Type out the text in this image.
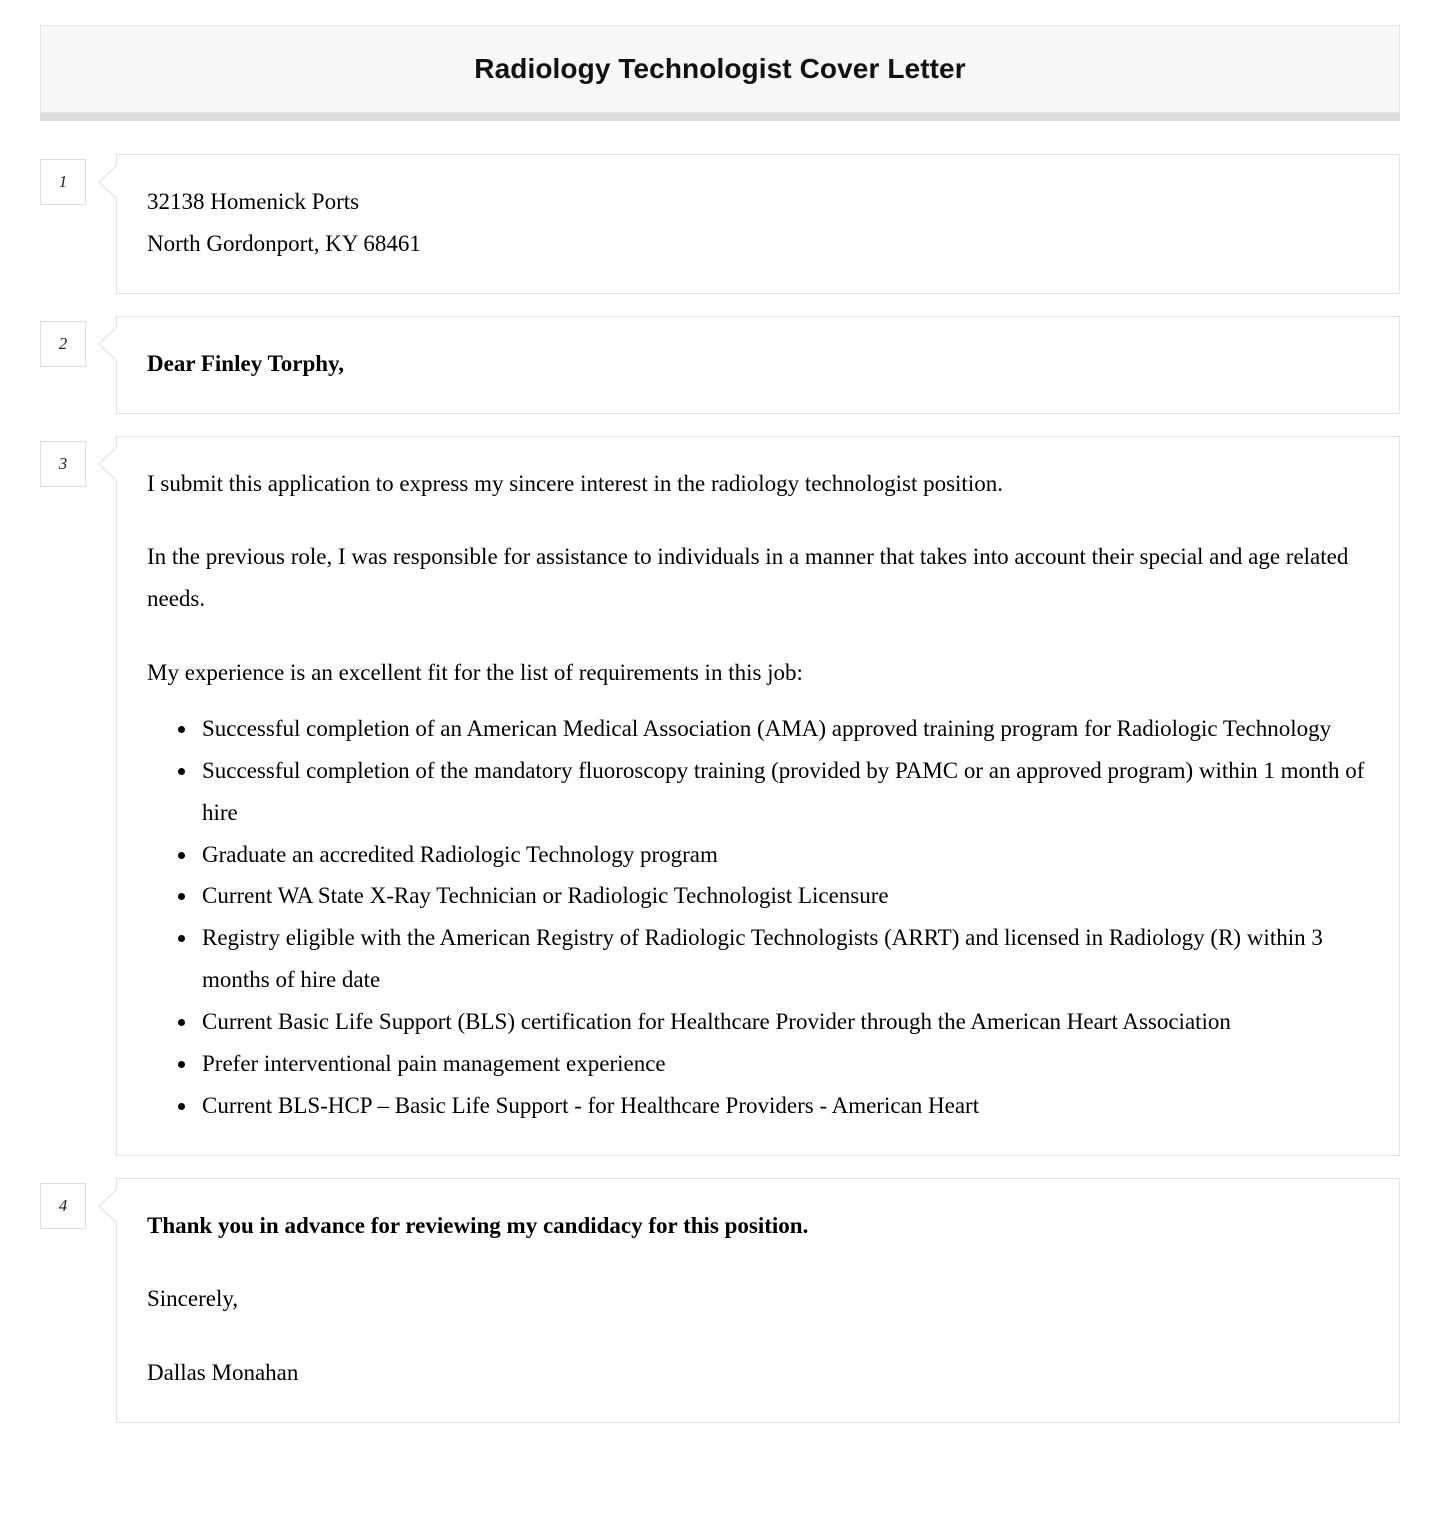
Radiology Technologist Cover Letter
1

32138 Homenick Ports
North Gordonport, KY 68461

2

Dear Finley Torphy,

3

I submit this application to express my sincere interest in the radiology technologist position.

In the previous role, I was responsible for assistance to individuals in a manner that takes into account their special and age related needs.

My experience is an excellent fit for the list of requirements in this job:

• Successful completion of an American Medical Association (AMA) approved training program for Radiologic Technology
• Successful completion of the mandatory fluoroscopy training (provided by PAMC or an approved program) within 1 month of hire
• Graduate an accredited Radiologic Technology program
• Current WA State X-Ray Technician or Radiologic Technologist Licensure
• Registry eligible with the American Registry of Radiologic Technologists (ARRT) and licensed in Radiology (R) within 3 months of hire date
• Current Basic Life Support (BLS) certification for Healthcare Provider through the American Heart Association
• Prefer interventional pain management experience
• Current BLS-HCP – Basic Life Support - for Healthcare Providers - American Heart
4

Thank you in advance for reviewing my candidacy for this position.

Sincerely,

Dallas Monahan
